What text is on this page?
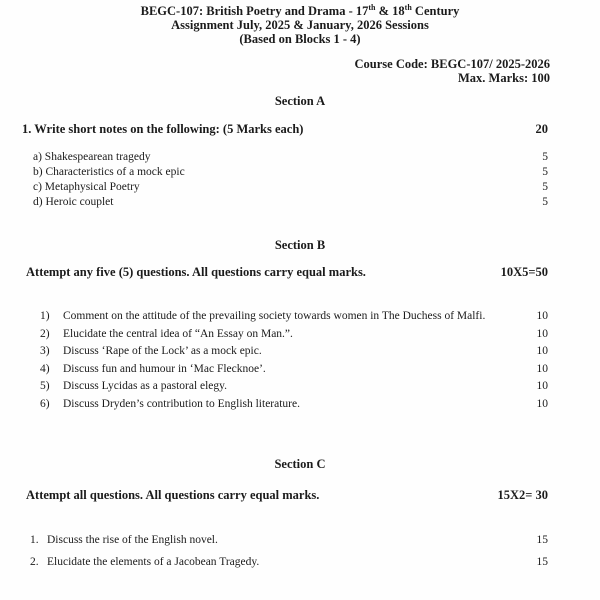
BEGC-107: British Poetry and Drama - 17th & 18th Century
Assignment July, 2025 & January, 2026 Sessions
(Based on Blocks 1 - 4)
Course Code: BEGC-107/ 2025-2026
Max. Marks: 100
Section A
1. Write short notes on the following: (5 Marks each)	20
a) Shakespearean tragedy	5
b) Characteristics of a mock epic	5
c) Metaphysical Poetry	5
d) Heroic couplet	5
Section B
Attempt any five (5) questions. All questions carry equal marks.	10X5=50
1)	Comment on the attitude of the prevailing society towards women in The Duchess of Malfi.	10
2)	Elucidate the central idea of “An Essay on Man.”.	10
3)	Discuss ‘Rape of the Lock’ as a mock epic.	10
4)	Discuss fun and humour in ‘Mac Flecknoe’.	10
5)	Discuss Lycidas as a pastoral elegy.	10
6)	Discuss Dryden’s contribution to English literature.	10
Section C
Attempt all questions. All questions carry equal marks.	15X2= 30
1. Discuss the rise of the English novel.	15
2. Elucidate the elements of a Jacobean Tragedy.	15
